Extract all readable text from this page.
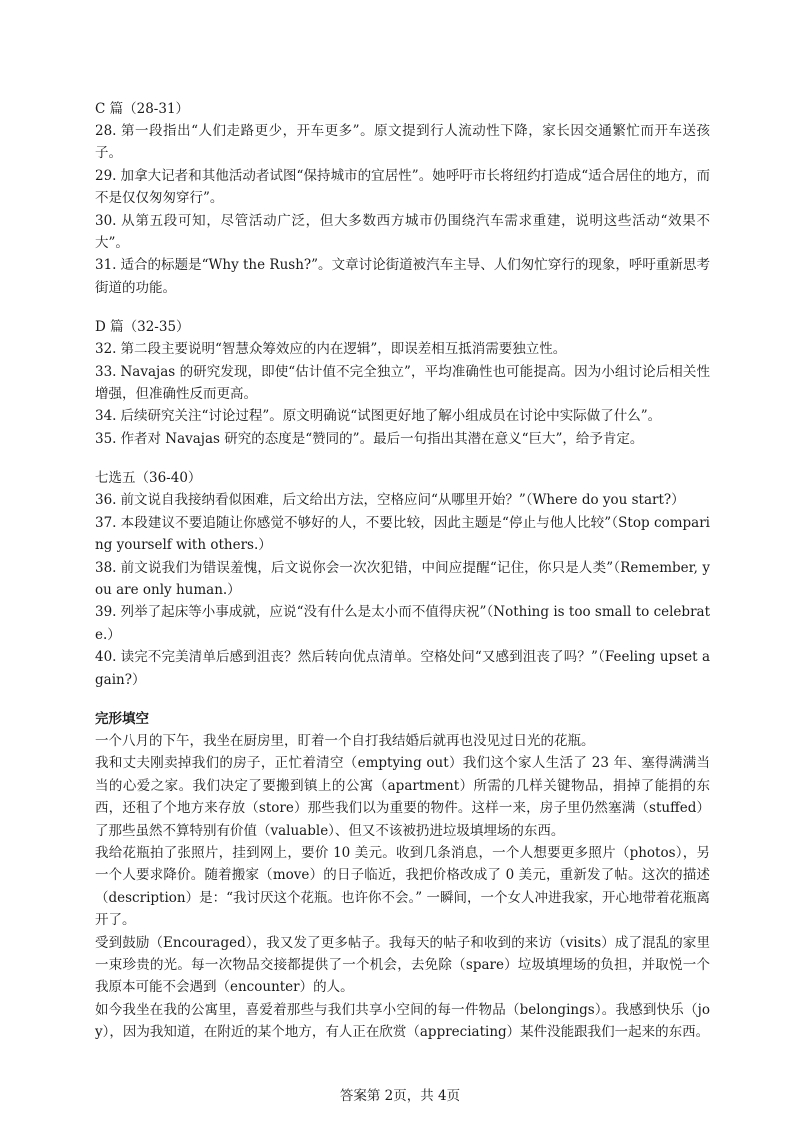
C 篇（28-31）

28. 第一段指出“人们走路更少，开车更多”。原文提到行人流动性下降，家长因交通繁忙而开车送孩子。

29. 加拿大记者和其他活动者试图“保持城市的宜居性”。她呼吁市长将纽约打造成“适合居住的地方，而不是仅仅匆匆穿行”。

30. 从第五段可知，尽管活动广泛，但大多数西方城市仍围绕汽车需求重建，说明这些活动“效果不大”。

31. 适合的标题是“Why the Rush?”。文章讨论街道被汽车主导、人们匆忙穿行的现象，呼吁重新思考街道的功能。

D 篇（32-35）

32. 第二段主要说明“智慧众筹效应的内在逻辑”，即误差相互抵消需要独立性。

33. Navajas 的研究发现，即使“估计值不完全独立”，平均准确性也可能提高。因为小组讨论后相关性增强，但准确性反而更高。

34. 后续研究关注“讨论过程”。原文明确说“试图更好地了解小组成员在讨论中实际做了什么”。

35. 作者对 Navajas 研究的态度是“赞同的”。最后一句指出其潜在意义“巨大”，给予肯定。

七选五（36-40）

36. 前文说自我接纳看似困难，后文给出方法，空格应问“从哪里开始？”（Where do you start?）

37. 本段建议不要追随让你感觉不够好的人，不要比较，因此主题是“停止与他人比较”（Stop comparing yourself with others.）

38. 前文说我们为错误羞愧，后文说你会一次次犯错，中间应提醒“记住，你只是人类”（Remember, you are only human.）

39. 列举了起床等小事成就，应说“没有什么是太小而不值得庆祝”（Nothing is too small to celebrate.）

40. 读完不完美清单后感到沮丧？然后转向优点清单。空格处问“又感到沮丧了吗？”（Feeling upset again?）

完形填空

一个八月的下午，我坐在厨房里，盯着一个自打我结婚后就再也没见过日光的花瓶。

我和丈夫刚卖掉我们的房子，正忙着清空（emptying out）我们这个家人生活了 23 年、塞得满满当当的心爱之家。我们决定了要搬到镇上的公寓（apartment）所需的几样关键物品，捐掉了能捐的东西，还租了个地方来存放（store）那些我们以为重要的物件。这样一来，房子里仍然塞满（stuffed）了那些虽然不算特别有价值（valuable）、但又不该被扔进垃圾填埋场的东西。

我给花瓶拍了张照片，挂到网上，要价 10 美元。收到几条消息，一个人想要更多照片（photos），另一个人要求降价。随着搬家（move）的日子临近，我把价格改成了 0 美元，重新发了帖。这次的描述（description）是：“我讨厌这个花瓶。也许你不会。” 一瞬间，一个女人冲进我家，开心地带着花瓶离开了。

受到鼓励（Encouraged），我又发了更多帖子。我每天的帖子和收到的来访（visits）成了混乱的家里一束珍贵的光。每一次物品交接都提供了一个机会，去免除（spare）垃圾填埋场的负担，并取悦一个我原本可能不会遇到（encounter）的人。

如今我坐在我的公寓里，喜爱着那些与我们共享小空间的每一件物品（belongings）。我感到快乐（joy），因为我知道，在附近的某个地方，有人正在欣赏（appreciating）某件没能跟我们一起来的东西。

答案第 2页，共 4页
